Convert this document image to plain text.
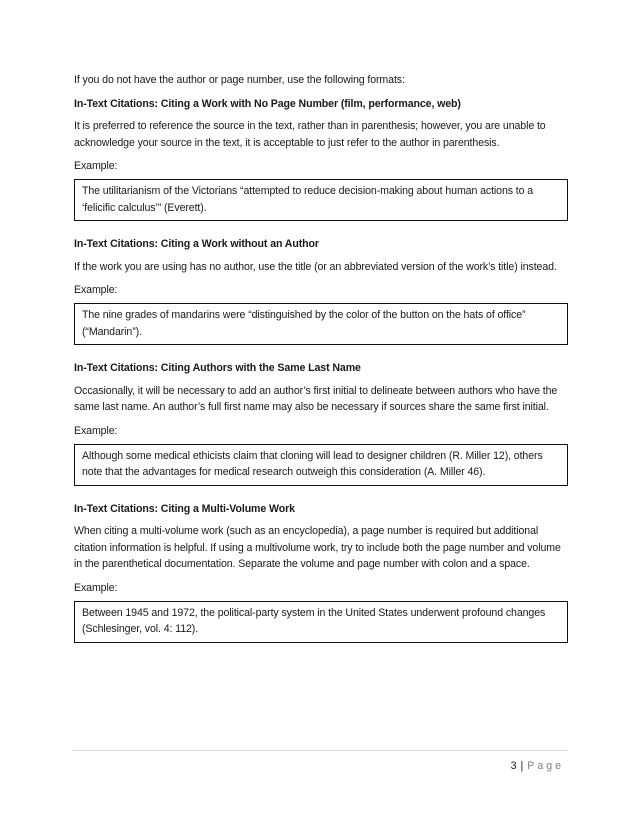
If you do not have the author or page number, use the following formats:

In-Text Citations: Citing a Work with No Page Number (film, performance, web)

It is preferred to reference the source in the text, rather than in parenthesis; however, you are unable to acknowledge your source in the text, it is acceptable to just refer to the author in parenthesis.

Example:

The utilitarianism of the Victorians “attempted to reduce decision-making about human actions to a ‘felicific calculus’” (Everett).
In-Text Citations: Citing a Work without an Author

If the work you are using has no author, use the title (or an abbreviated version of the work’s title) instead.

Example:

The nine grades of mandarins were “distinguished by the color of the button on the hats of office” (“Mandarin”).
In-Text Citations: Citing Authors with the Same Last Name

Occasionally, it will be necessary to add an author’s first initial to delineate between authors who have the same last name. An author’s full first name may also be necessary if sources share the same first initial.

Example:

Although some medical ethicists claim that cloning will lead to designer children (R. Miller 12), others note that the advantages for medical research outweigh this consideration (A. Miller 46).
In-Text Citations: Citing a Multi-Volume Work

When citing a multi-volume work (such as an encyclopedia), a page number is required but additional citation information is helpful. If using a multivolume work, try to include both the page number and volume in the parenthetical documentation. Separate the volume and page number with colon and a space.

Example:

Between 1945 and 1972, the political-party system in the United States underwent profound changes (Schlesinger, vol. 4: 112).
3 | Page
